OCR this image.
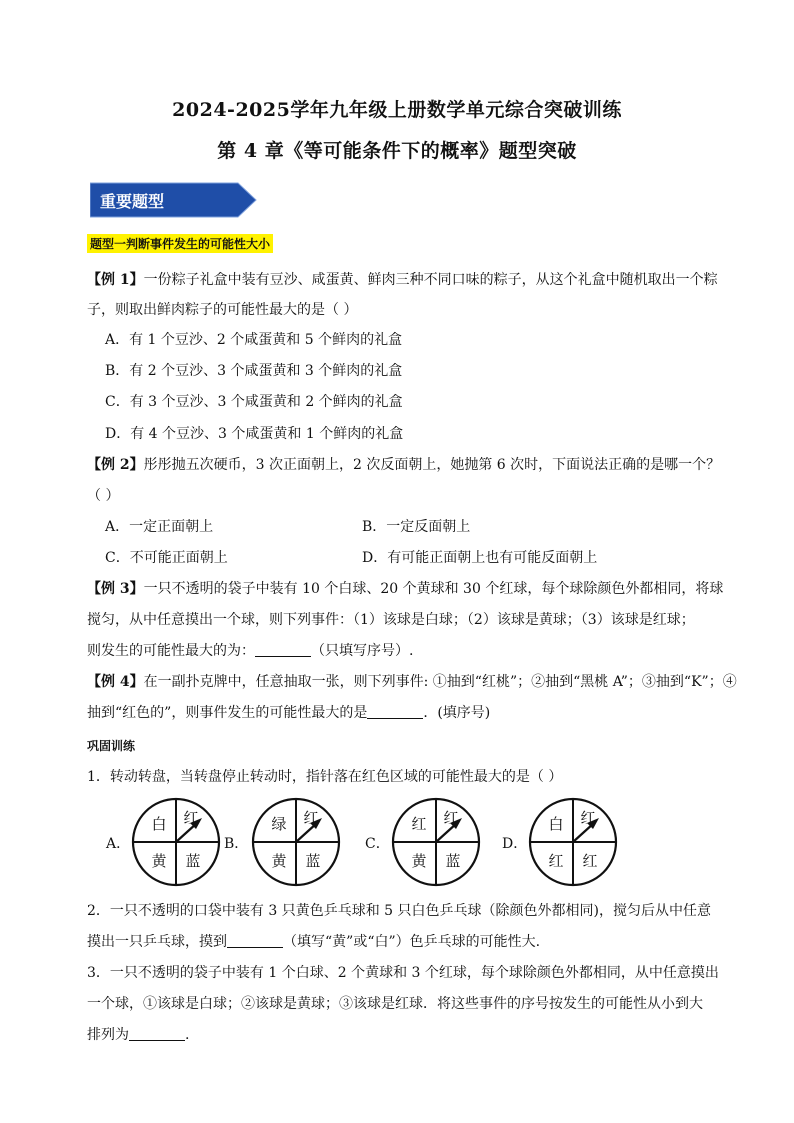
2024-2025学年九年级上册数学单元综合突破训练
第 4 章《等可能条件下的概率》题型突破
重要题型
题型一判断事件发生的可能性大小
【例 1】一份粽子礼盒中装有豆沙、咸蛋黄、鲜肉三种不同口味的粽子，从这个礼盒中随机取出一个粽
子，则取出鲜肉粽子的可能性最大的是（ ）
A．有 1 个豆沙、2 个咸蛋黄和 5 个鲜肉的礼盒
B．有 2 个豆沙、3 个咸蛋黄和 3 个鲜肉的礼盒
C．有 3 个豆沙、3 个咸蛋黄和 2 个鲜肉的礼盒
D．有 4 个豆沙、3 个咸蛋黄和 1 个鲜肉的礼盒
【例 2】彤彤抛五次硬币，3 次正面朝上，2 次反面朝上，她抛第 6 次时，下面说法正确的是哪一个？
（ ）
A．一定正面朝上	B．一定反面朝上
C．不可能正面朝上	D．有可能正面朝上也有可能反面朝上
【例 3】一只不透明的袋子中装有 10 个白球、20 个黄球和 30 个红球，每个球除颜色外都相同，将球
搅匀，从中任意摸出一个球，则下列事件：（1）该球是白球；（2）该球是黄球；（3）该球是红球；
则发生的可能性最大的为：	（只填写序号）.
【例 4】在一副扑克牌中，任意抽取一张，则下列事件: ①抽到“红桃”；②抽到“黑桃 A”；③抽到“K”；④
抽到“红色的”，则事件发生的可能性最大的是	．(填序号)
巩固训练
1．转动转盘，当转盘停止转动时，指针落在红色区域的可能性最大的是（ ）
A．
白 红
黄 蓝
B．
绿 红
黄 蓝
C．
红 红
黄 蓝
D．
白 红
红 红
2．一只不透明的口袋中装有 3 只黄色乒乓球和 5 只白色乒乓球（除颜色外都相同)，搅匀后从中任意
摸出一只乒乓球，摸到	（填写“黄”或“白”）色乒乓球的可能性大.
3．一只不透明的袋子中装有 1 个白球、2 个黄球和 3 个红球，每个球除颜色外都相同，从中任意摸出
一个球，①该球是白球；②该球是黄球；③该球是红球．将这些事件的序号按发生的可能性从小到大
排列为	.
